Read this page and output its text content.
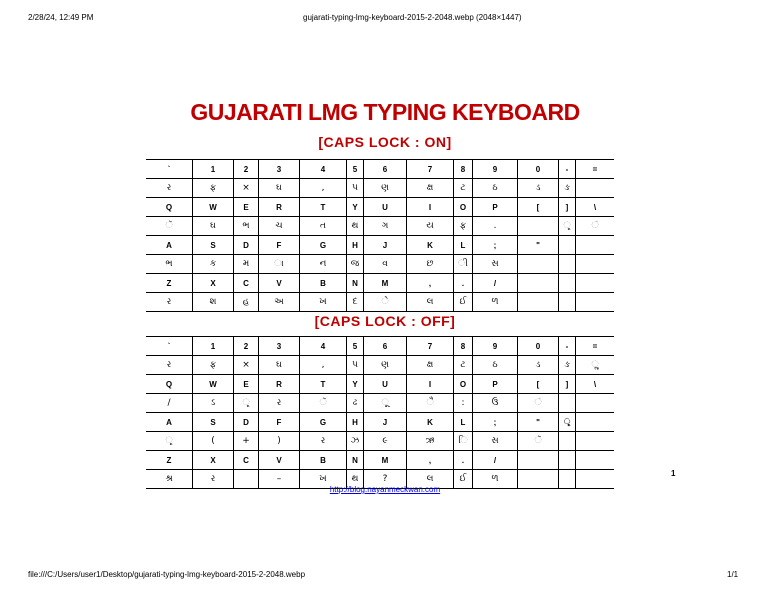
2/28/24, 12:49 PM	gujarati-typing-lmg-keyboard-2015-2-2048.webp (2048×1447)
GUJARATI LMG TYPING KEYBOARD
[CAPS LOCK : ON]
`	1	2	3	4	5	6	7	8	9	0	-	=
ર	ફ	×	ઘ	,	પ	ણ	ક્ષ	ટ	ઠ	ડ	ઙ	
Q	W	E	R	T	Y	U	I	O	P	[	]	\
ૅ	ઘ	ભ	ચ	ત	થ	ગ	ય	ફ	.		ૃ	ં
A	S	D	F	G	H	J	K	L	;	"		
ભ	ક	મ	ા	ન	જ	વ	છ	ી	સ			
Z	X	C	V	B	N	M	,	.	/			
ર	શ	હ	અ	ખ	દ	ે	લ	ઈ	ળ			
[CAPS LOCK : OFF]
`	1	2	3	4	5	6	7	8	9	0	-	=
ર	ફ	×	ઘ	,	પ	ણ	ક્ષ	ટ	ઠ	ડ	ઙ	ૢ
Q	W	E	R	T	Y	U	I	O	P	[	]	\
/	ઽ	ૃ	ર	ૅ	ઢ	ૂ	ૈ	:	ઉ	ં		
A	S	D	F	G	H	J	K	L	;	"	ૃ	
ૃ	(	+	)	ર	ઝ	૯	ઋ	િ	સ	ૅ		
Z	X	C	V	B	N	M	,	.	/			
શ્ર	ર		–	ખ	થ	?	લ	ઈ	ળ			
http://blog.nayanmeckwan.com
1
file:///C:/Users/user1/Desktop/gujarati-typing-lmg-keyboard-2015-2-2048.webp	1/1
